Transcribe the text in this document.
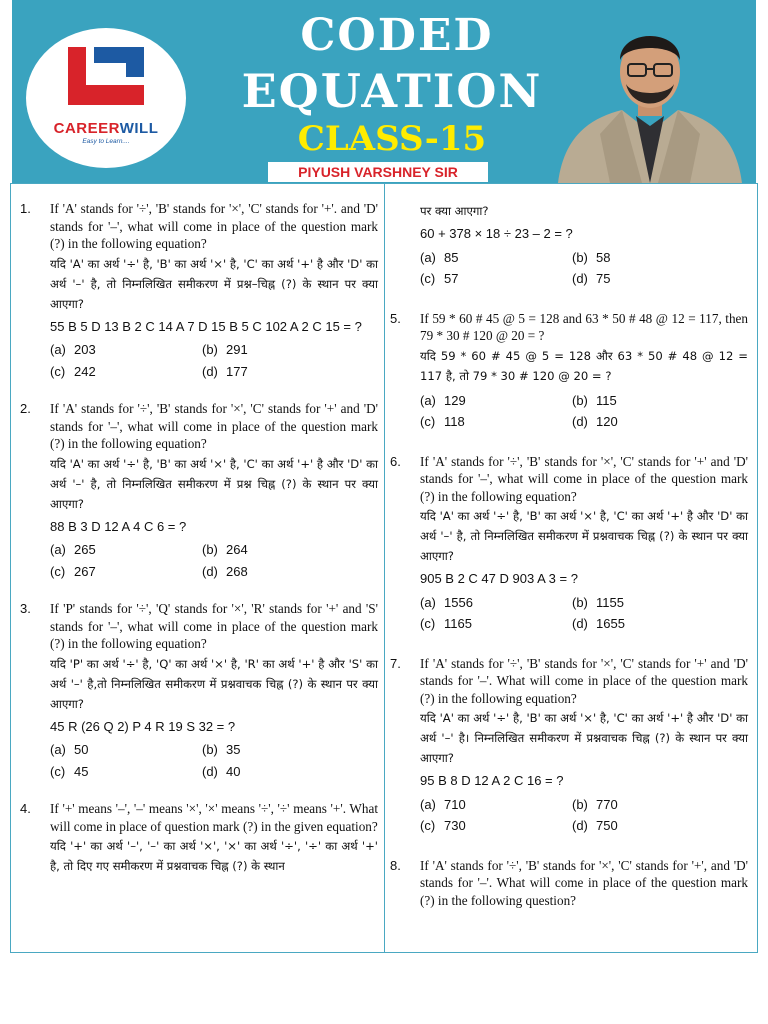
CAREERWILL
Easy to Learn....
CODED
EQUATION
CLASS-15
PIYUSH VARSHNEY SIR
1.	If 'A' stands for '÷', 'B' stands for '×', 'C' stands for '+'. and 'D' stands for '–', what will come in place of the question mark (?) in the following equation?
यदि 'A' का अर्थ '÷' है, 'B' का अर्थ '×' है, 'C' का अर्थ '+' है और 'D' का अर्थ '–' है, तो निम्नलिखित समीकरण में प्रश्न–चिह्न (?) के स्थान पर क्या आएगा?
55 B 5 D 13 B 2 C 14 A 7 D 15 B 5 C 102 A 2 C 15 = ?
(a) 203	(b) 291
(c) 242	(d) 177
2.	If 'A' stands for '÷', 'B' stands for '×', 'C' stands for '+' and 'D' stands for '–', what will come in place of the question mark (?) in the following equation?
यदि 'A' का अर्थ '÷' है, 'B' का अर्थ '×' है, 'C' का अर्थ '+' है और 'D' का अर्थ '–' है, तो निम्नलिखित समीकरण में प्रश्न चिह्न (?) के स्थान पर क्या आएगा?
88 B 3 D 12 A 4 C 6 = ?
(a) 265	(b) 264
(c) 267	(d) 268
3.	If 'P' stands for '÷', 'Q' stands for '×', 'R' stands for '+' and 'S' stands for '–', what will come in place of the question mark (?) in the following equation?
यदि 'P' का अर्थ '÷' है, 'Q' का अर्थ '×' है, 'R' का अर्थ '+' है और 'S' का अर्थ '–' है,तो निम्नलिखित समीकरण में प्रश्नवाचक चिह्न (?) के स्थान पर क्या आएगा?
45 R (26 Q 2) P 4 R 19 S 32 = ?
(a) 50	(b) 35
(c) 45	(d) 40
4.	If '+' means '–', '–' means '×', '×' means '÷', '÷' means '+'. What will come in place of question mark (?) in the given equation?
यदि '+' का अर्थ '–', '–' का अर्थ '×', '×' का अर्थ '÷', '÷' का अर्थ '+' है, तो दिए गए समीकरण में प्रश्नवाचक चिह्न (?) के स्थान
पर क्या आएगा?
60 + 378 × 18 ÷ 23 – 2 = ?
(a) 85	(b) 58
(c) 57	(d) 75
5.	If 59 * 60 # 45 @ 5 = 128 and 63 * 50 # 48 @ 12 = 117, then 79 * 30 # 120 @ 20 = ?
यदि 59 * 60 # 45 @ 5 = 128 और 63 * 50 # 48 @ 12 = 117 है, तो 79 * 30 # 120 @ 20 = ?
(a) 129	(b) 115
(c) 118	(d) 120
6.	If 'A' stands for '÷', 'B' stands for '×', 'C' stands for '+' and 'D' stands for '–', what will come in place of the question mark (?) in the following equation?
यदि 'A' का अर्थ '÷' है, 'B' का अर्थ '×' है, 'C' का अर्थ '+' है और 'D' का अर्थ '–' है, तो निम्नलिखित समीकरण में प्रश्नवाचक चिह्न (?) के स्थान पर क्या आएगा?
905 B 2 C 47 D 903 A 3 = ?
(a) 1556	(b) 1155
(c) 1165	(d) 1655
7.	If 'A' stands for '÷', 'B' stands for '×', 'C' stands for '+' and 'D' stands for '–'. What will come in place of the question mark (?) in the following equation?
यदि 'A' का अर्थ '÷' है, 'B' का अर्थ '×' है, 'C' का अर्थ '+' है और 'D' का अर्थ '–' है। निम्नलिखित समीकरण में प्रश्नवाचक चिह्न (?) के स्थान पर क्या आएगा?
95 B 8 D 12 A 2 C 16 = ?
(a) 710	(b) 770
(c) 730	(d) 750
8.	If 'A' stands for '÷', 'B' stands for '×', 'C' stands for '+', and 'D' stands for '–'. What will come in place of the question mark (?) in the following question?
